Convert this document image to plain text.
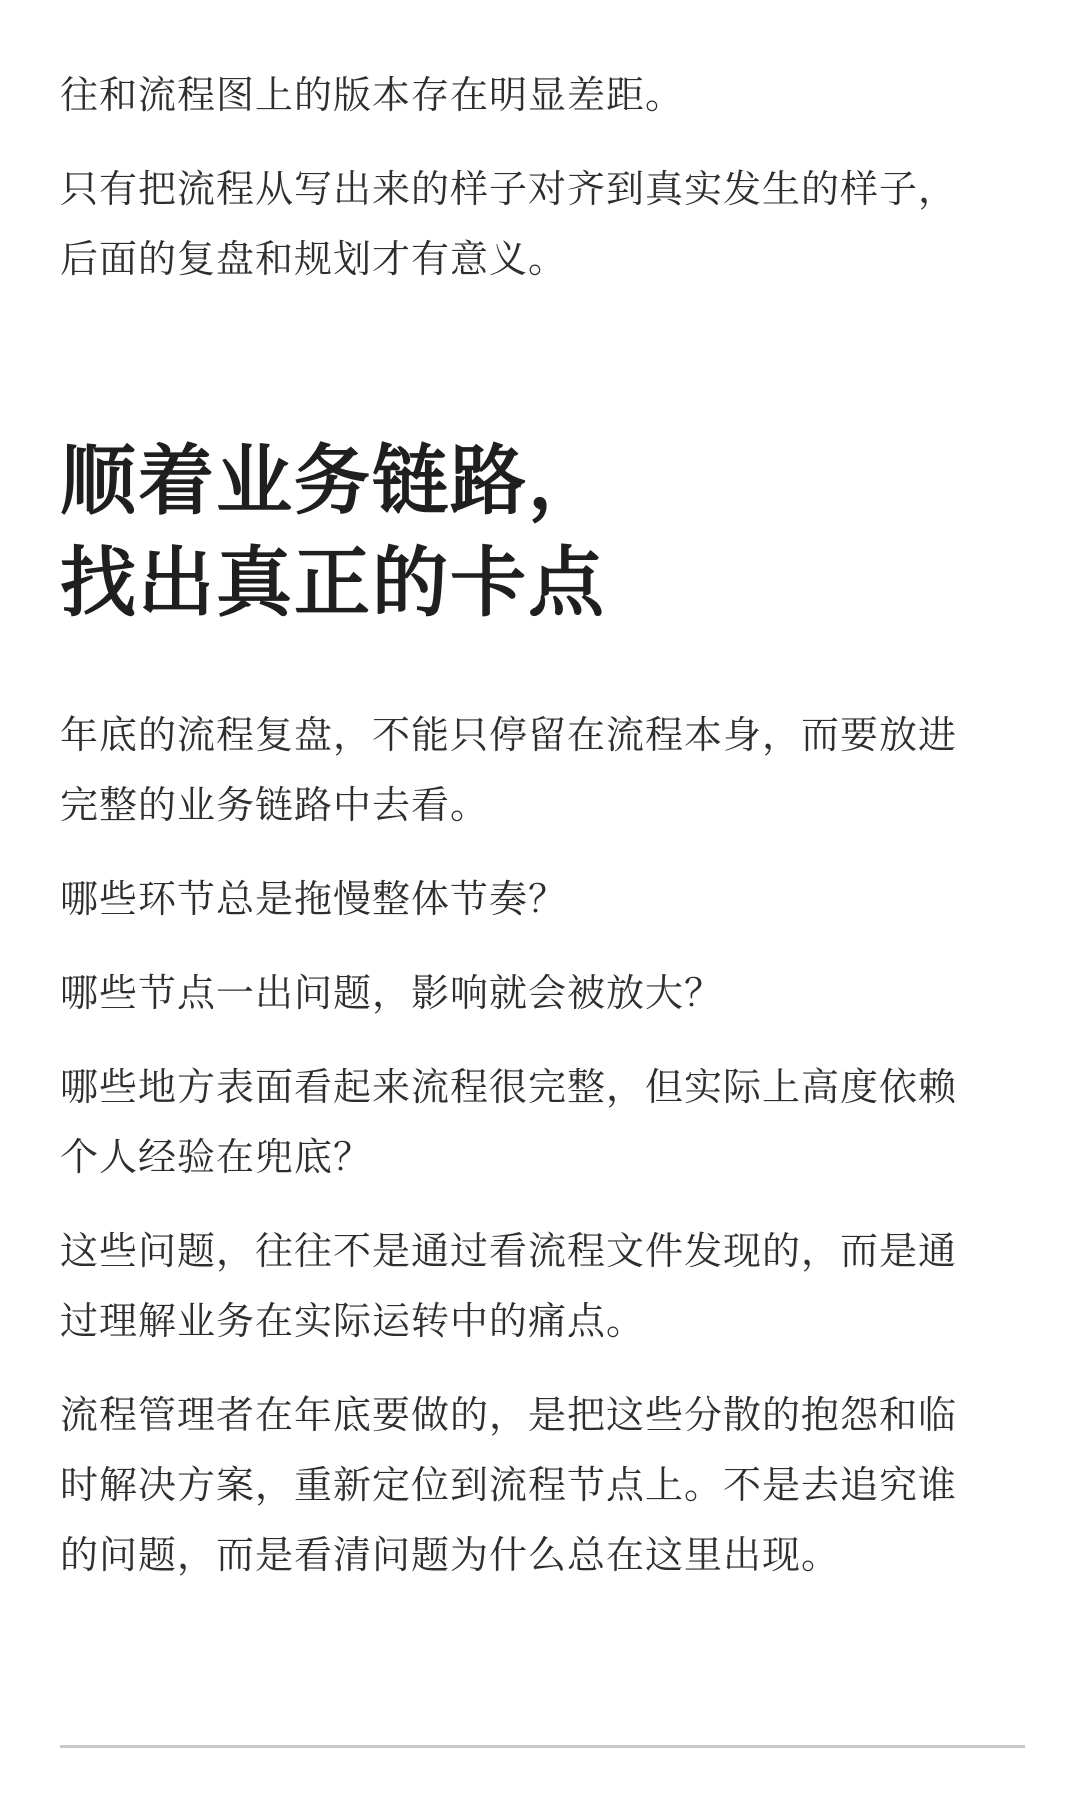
往和流程图上的版本存在明显差距。

只有把流程从写出来的样子对齐到真实发生的样子，
后面的复盘和规划才有意义。

顺着业务链路，
找出真正的卡点

年底的流程复盘，不能只停留在流程本身，而要放进
完整的业务链路中去看。

哪些环节总是拖慢整体节奏？

哪些节点一出问题，影响就会被放大？

哪些地方表面看起来流程很完整，但实际上高度依赖
个人经验在兜底？

这些问题，往往不是通过看流程文件发现的，而是通
过理解业务在实际运转中的痛点。

流程管理者在年底要做的，是把这些分散的抱怨和临
时解决方案，重新定位到流程节点上。不是去追究谁
的问题，而是看清问题为什么总在这里出现。
